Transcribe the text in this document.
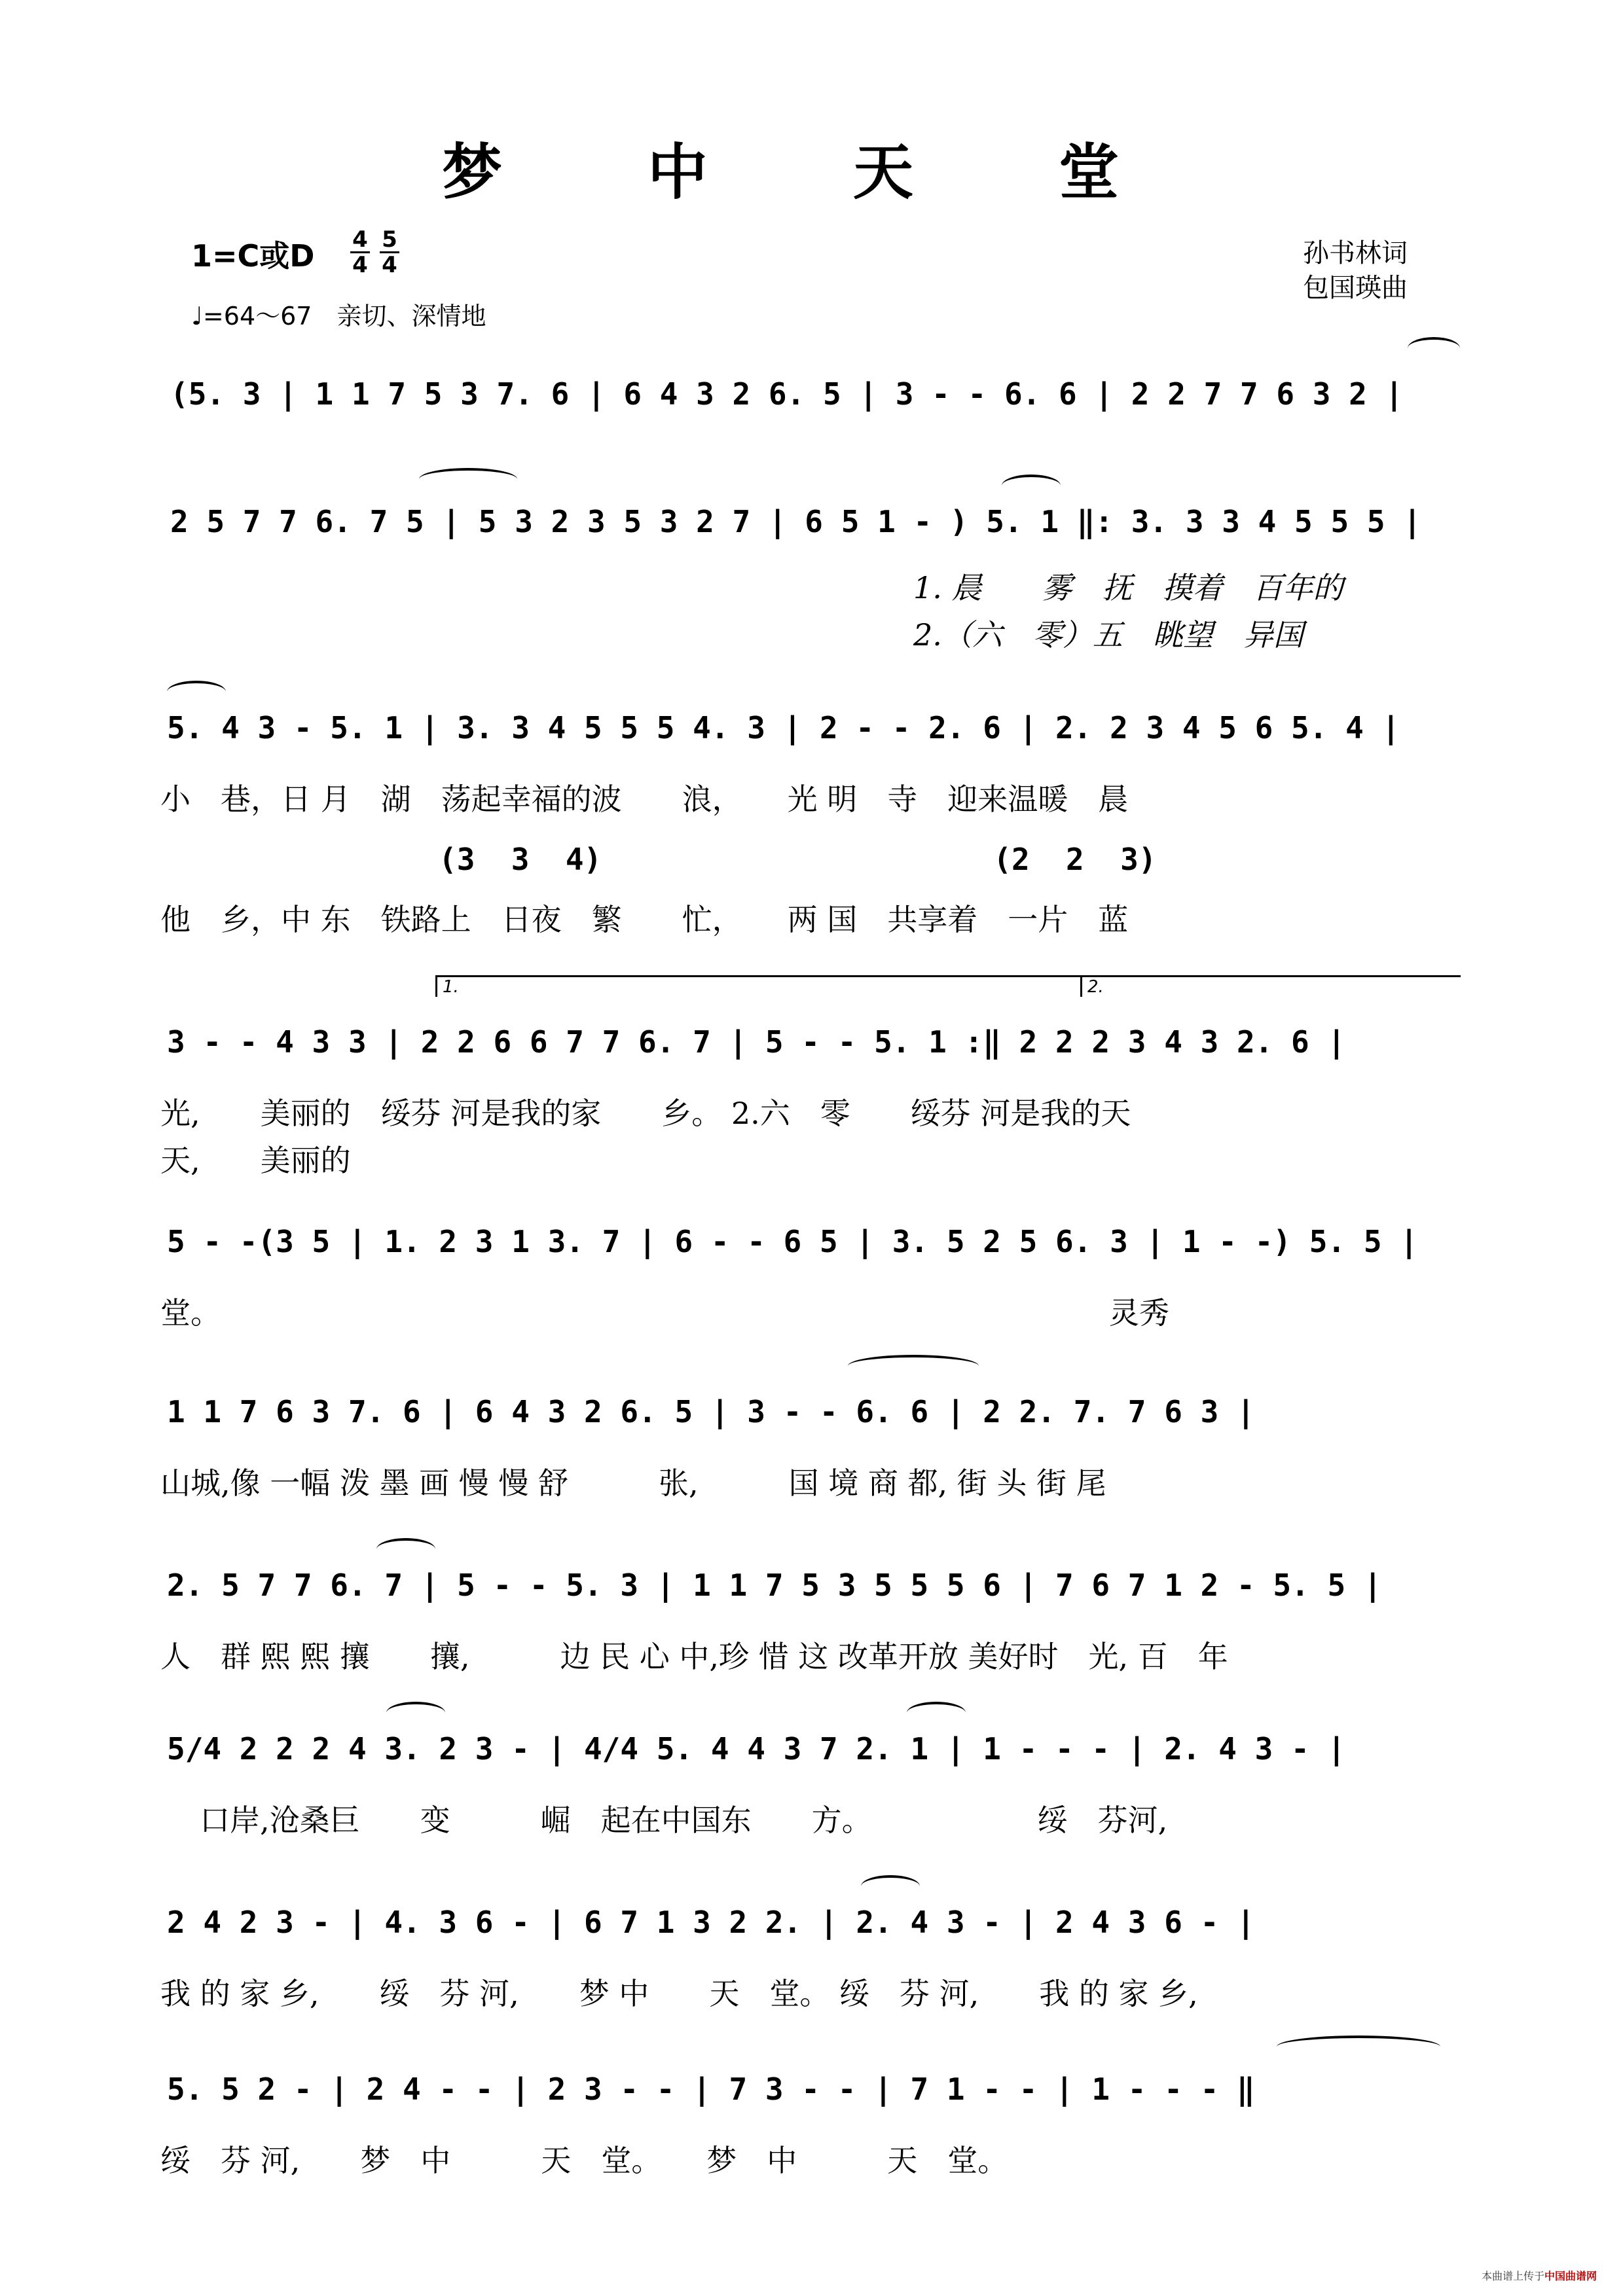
梦 中 天 堂
1=C或D 4
4
5
4
♩=64～67　亲切、深情地
孙书林词
包国瑛曲
(5. 3 | 1 1 7 5 3 7. 6 | 6 4 3 2 6. 5 | 3 - - 6. 6 | 2 2 7 7 6 3 2 |
2 5 7 7 6. 7 5 | 5 3 2 3 5 3 2 7 | 6 5 1 - ) 5. 1 ‖: 3. 3 3 4 5 5 5 |
1. 晨　　雾　抚　摸着　百年的
2.（六　零）五　眺望　异国
5. 4 3 - 5. 1 | 3. 3 4 5 5 5 4. 3 | 2 - - 2. 6 | 2. 2 3 4 5 6 5. 4 |
小　巷，日 月　湖　荡起幸福的波　　浪，　　光 明　寺　迎来温暖　晨
(3  3  4)　　　　　　　　　　　　　(2  2  3)
他　乡，中 东　铁路上　日夜　繁　　忙，　　两 国　共享着　一片　蓝
1.	2.
3 - - 4 3 3 | 2 2 6 6 7 7 6. 7 | 5 - - 5. 1 :‖ 2 2 2 3 4 3 2. 6 |
光,　　美丽的　绥芬 河是我的家　　乡。 2.六　零　　绥芬 河是我的天
天,　　美丽的
5 - -(3 5 | 1. 2 3 1 3. 7 | 6 - - 6 5 | 3. 5 2 5 6. 3 | 1 - -) 5. 5 |
堂。　　　　　　　　　　　　　　　　　　　　　　　　　　　　　　灵秀
1 1 7 6 3 7. 6 | 6 4 3 2 6. 5 | 3 - - 6. 6 | 2 2. 7. 7 6 3 |
山城,像 一幅 泼 墨 画 慢 慢 舒　　　张,　　　国 境 商 都, 街 头 街 尾
2. 5 7 7 6. 7 | 5 - - 5. 3 | 1 1 7 5 3 5 5 5 6 | 7 6 7 1 2 - 5. 5 |
人　群 熙 熙 攘　　攘,　　　边 民 心 中,珍 惜 这 改革开放 美好时　光, 百　年
5/4 2 2 2 4 3. 2 3 - | 4/4 5. 4 4 3 7 2. 1 | 1 - - - | 2. 4 3 - |
口岸,沧桑巨　　变　　　崛　起在中国东　　方。　　　　　　绥　芬河,
2 4 2 3 - | 4. 3 6 - | 6 7 1 3 2 2. | 2. 4 3 - | 2 4 3 6 - |
我 的 家 乡,　　绥　芬 河,　　梦 中　　天　堂。 绥　芬 河,　　我 的 家 乡,
5. 5 2 - | 2 4 - - | 2 3 - - | 7 3 - - | 7 1 - - | 1 - - - ‖
绥　芬 河,　　梦　中　　　天　堂。　　梦　中　　　天　堂。
本曲谱上传于中国曲谱网
